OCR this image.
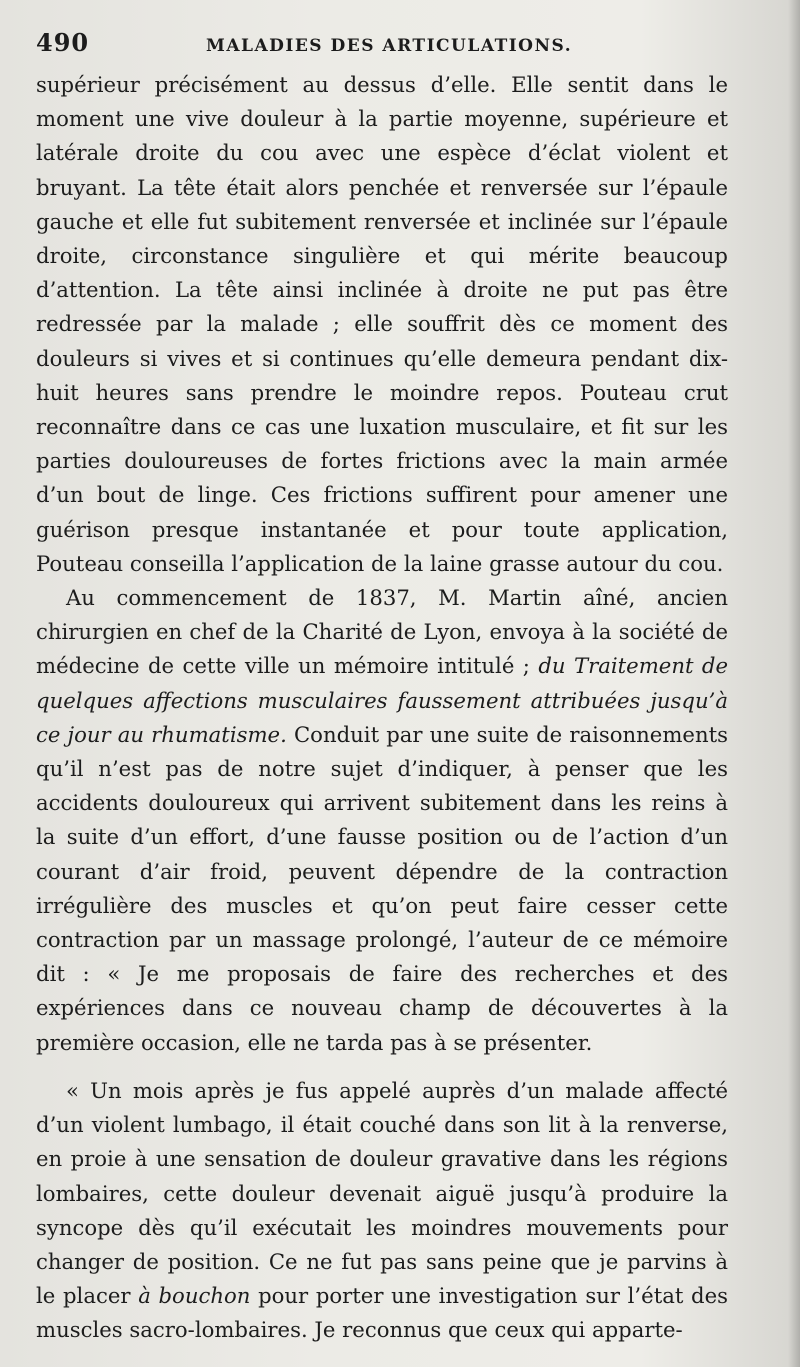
490	MALADIES DES ARTICULATIONS.

supérieur précisément au dessus d’elle. Elle sentit dans le moment une vive douleur à la partie moyenne, supérieure et latérale droite du cou avec une espèce d’éclat violent et bruyant. La tête était alors penchée et renversée sur l’épaule gauche et elle fut subitement renversée et inclinée sur l’épaule droite, circonstance singulière et qui mérite beaucoup d’attention. La tête ainsi inclinée à droite ne put pas être redressée par la malade ; elle souffrit dès ce moment des douleurs si vives et si continues qu’elle demeura pendant dix-huit heures sans prendre le moindre repos. Pouteau crut reconnaître dans ce cas une luxation musculaire, et fit sur les parties douloureuses de fortes frictions avec la main armée d’un bout de linge. Ces frictions suffirent pour amener une guérison presque instantanée et pour toute application, Pouteau conseilla l’application de la laine grasse autour du cou.

Au commencement de 1837, M. Martin aîné, ancien chirurgien en chef de la Charité de Lyon, envoya à la société de médecine de cette ville un mémoire intitulé ; du Traitement de quelques affections musculaires faussement attribuées jusqu’à ce jour au rhumatisme. Conduit par une suite de raisonnements qu’il n’est pas de notre sujet d’indiquer, à penser que les accidents douloureux qui arrivent subitement dans les reins à la suite d’un effort, d’une fausse position ou de l’action d’un courant d’air froid, peuvent dépendre de la contraction irrégulière des muscles et qu’on peut faire cesser cette contraction par un massage prolongé, l’auteur de ce mémoire dit : « Je me proposais de faire des recherches et des expériences dans ce nouveau champ de découvertes à la première occasion, elle ne tarda pas à se présenter.

« Un mois après je fus appelé auprès d’un malade affecté d’un violent lumbago, il était couché dans son lit à la renverse, en proie à une sensation de douleur gravative dans les régions lombaires, cette douleur devenait aiguë jusqu’à produire la syncope dès qu’il exécutait les moindres mouvements pour changer de position. Ce ne fut pas sans peine que je parvins à le placer à bouchon pour porter une investigation sur l’état des muscles sacro-lombaires. Je reconnus que ceux qui apparte-
